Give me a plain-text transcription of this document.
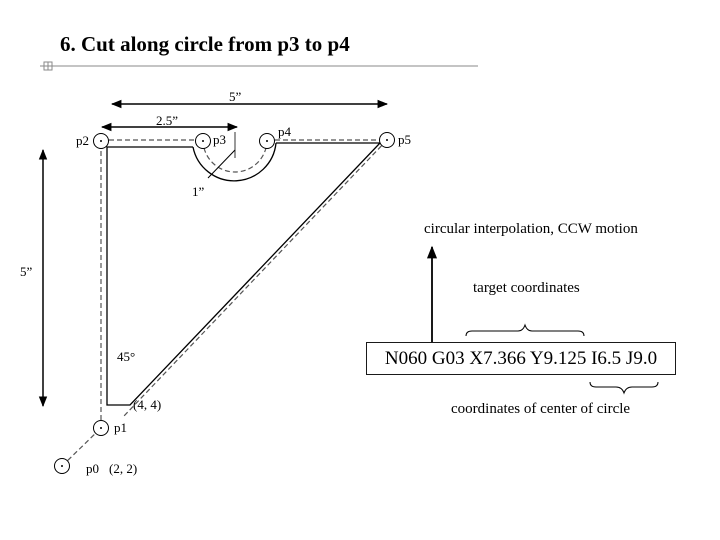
6. Cut along circle from p3 to p4
5”
2.5”
5”
1”
45°
p2	p3
p4
p5
(4, 4)
p1
p0 (2, 2)
circular interpolation, CCW motion
target coordinates
N060 G03 X7.366 Y9.125 I6.5 J9.0
coordinates of center of circle
